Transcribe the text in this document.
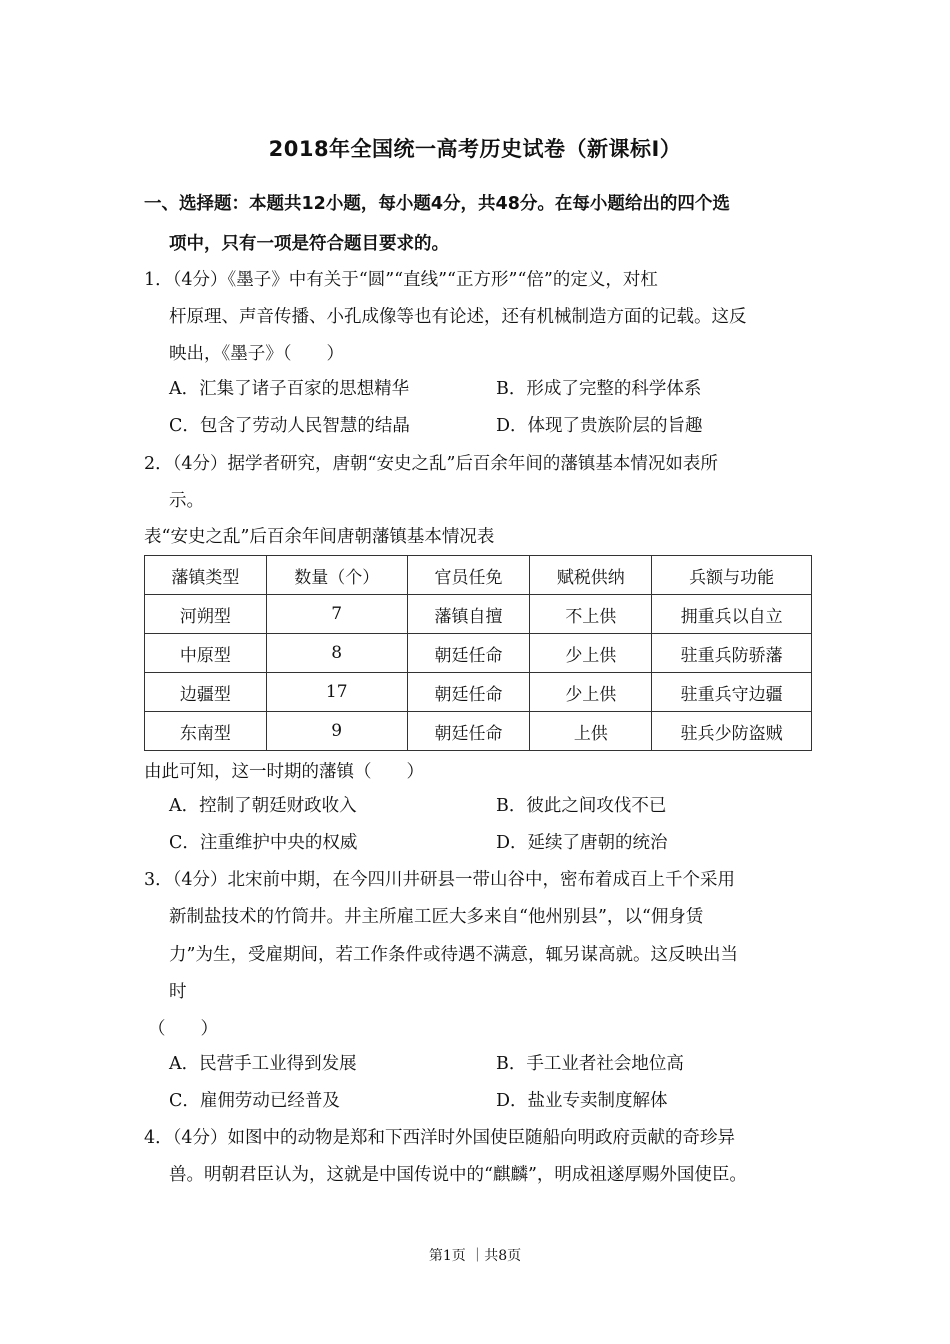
2018年全国统一高考历史试卷（新课标Ⅰ）
一、选择题：本题共12小题，每小题4分，共48分。在每小题给出的四个选
项中，只有一项是符合题目要求的。
1．（4分）《墨子》中有关于“圆”“直线”“正方形”“倍”的定义，对杠
杆原理、声音传播、小孔成像等也有论述，还有机械制造方面的记载。这反
映出，《墨子》（　　）
A．汇集了诸子百家的思想精华	B．形成了完整的科学体系
C．包含了劳动人民智慧的结晶	D．体现了贵族阶层的旨趣
2．（4分）据学者研究，唐朝“安史之乱”后百余年间的藩镇基本情况如表所
示。
表“安史之乱”后百余年间唐朝藩镇基本情况表
藩镇类型	数量（个）	官员任免	赋税供纳	兵额与功能
河朔型	7	藩镇自擅	不上供	拥重兵以自立
中原型	8	朝廷任命	少上供	驻重兵防骄藩
边疆型	17	朝廷任命	少上供	驻重兵守边疆
东南型	9	朝廷任命	上供	驻兵少防盗贼
由此可知，这一时期的藩镇（　　）
A．控制了朝廷财政收入	B．彼此之间攻伐不已
C．注重维护中央的权威	D．延续了唐朝的统治
3．（4分）北宋前中期，在今四川井研县一带山谷中，密布着成百上千个采用
新制盐技术的竹筒井。井主所雇工匠大多来自“他州别县”，以“佣身赁
力”为生，受雇期间，若工作条件或待遇不满意，辄另谋高就。这反映出当
时
（　　）
A．民营手工业得到发展	B．手工业者社会地位高
C．雇佣劳动已经普及	D．盐业专卖制度解体
4．（4分）如图中的动物是郑和下西洋时外国使臣随船向明政府贡献的奇珍异
兽。明朝君臣认为，这就是中国传说中的“麒麟”，明成祖遂厚赐外国使臣。
第1页 ｜共8页
